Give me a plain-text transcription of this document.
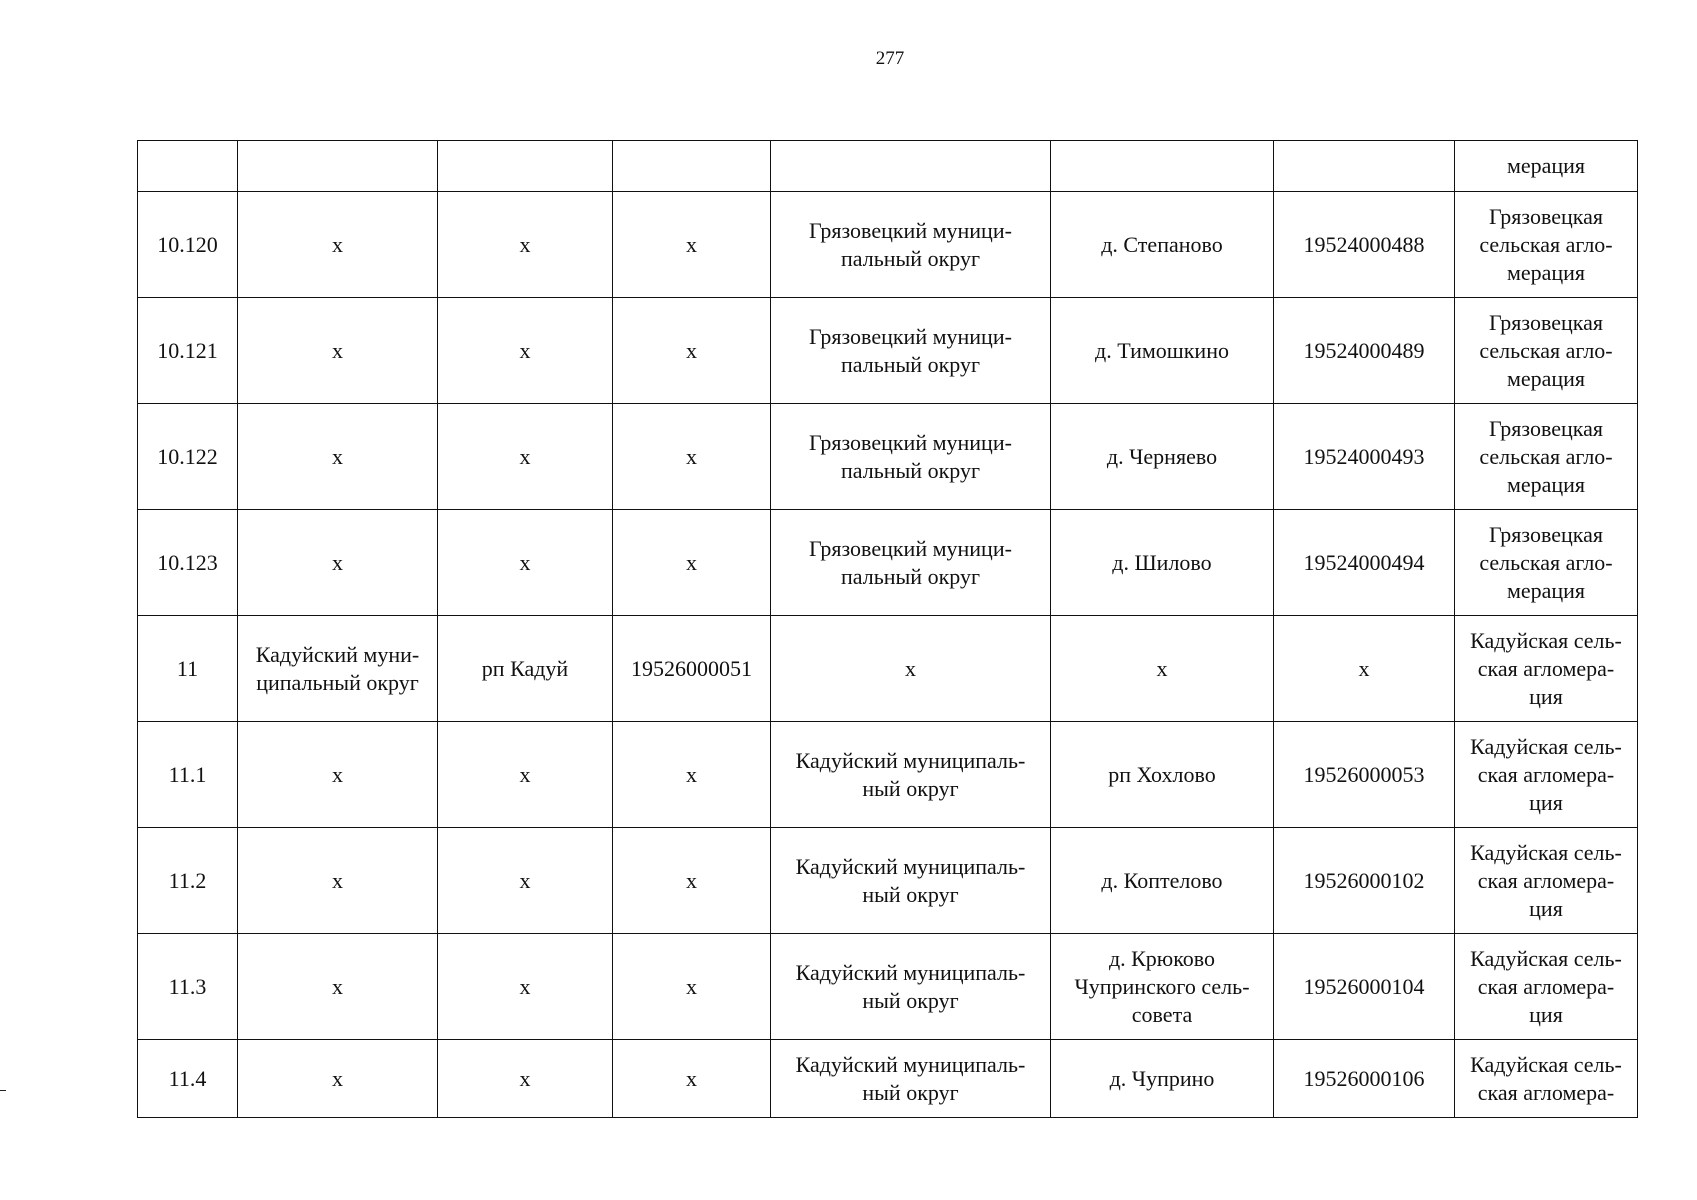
277

							мерация

10.120	х	х	х	Грязовецкий муници-
пальный округ	д. Степаново	19524000488	Грязовецкая
сельская агло-
мерация

10.121	х	х	х	Грязовецкий муници-
пальный округ	д. Тимошкино	19524000489	Грязовецкая
сельская агло-
мерация

10.122	х	х	х	Грязовецкий муници-
пальный округ	д. Черняево	19524000493	Грязовецкая
сельская агло-
мерация

10.123	х	х	х	Грязовецкий муници-
пальный округ	д. Шилово	19524000494	Грязовецкая
сельская агло-
мерация

11	Кадуйский муни-
ципальный округ	рп Кадуй	19526000051	х	х	х	Кадуйская сель-
ская агломера-
ция

11.1	х	х	х	Кадуйский муниципаль-
ный округ	рп Хохлово	19526000053	Кадуйская сель-
ская агломера-
ция

11.2	х	х	х	Кадуйский муниципаль-
ный округ	д. Коптелово	19526000102	Кадуйская сель-
ская агломера-
ция

11.3	х	х	х	Кадуйский муниципаль-
ный округ	д. Крюково
Чупринского сель-
совета	19526000104	Кадуйская сель-
ская агломера-
ция

11.4	х	х	х	Кадуйский муниципаль-
ный округ	д. Чуприно	19526000106	Кадуйская сель-
ская агломера-
